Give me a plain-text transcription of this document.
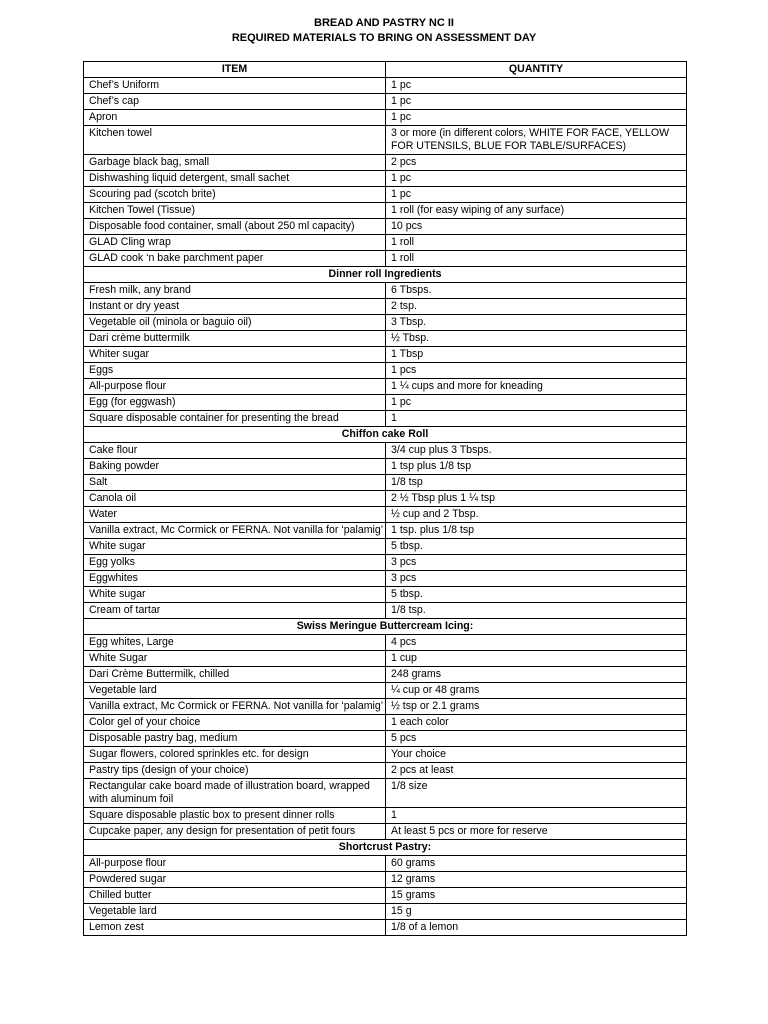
BREAD AND PASTRY NC II
REQUIRED MATERIALS TO BRING ON ASSESSMENT DAY
ITEM	QUANTITY
Chef’s Uniform	1 pc
Chef’s cap	1 pc
Apron	1 pc
Kitchen towel	3 or more (in different colors, WHITE FOR FACE, YELLOW FOR UTENSILS, BLUE FOR TABLE/SURFACES)
Garbage black bag, small	2 pcs
Dishwashing liquid detergent, small sachet	1 pc
Scouring pad (scotch brite)	1 pc
Kitchen Towel (Tissue)	1 roll (for easy wiping of any surface)
Disposable food container, small (about 250 ml capacity)	10 pcs
GLAD Cling wrap	1 roll
GLAD cook ‘n bake parchment paper	1 roll
Dinner roll Ingredients	
Fresh milk, any brand	6 Tbsps.
Instant or dry yeast	2 tsp.
Vegetable oil (minola or baguio oil)	3 Tbsp.
Dari crème buttermilk	½ Tbsp.
Whiter sugar	1 Tbsp
Eggs	1 pcs
All-purpose flour	1 ¼ cups and more for kneading
Egg (for eggwash)	1 pc
Square disposable container for presenting the bread	1
Chiffon cake Roll	
Cake flour	3/4 cup plus 3 Tbsps.
Baking powder	1 tsp plus 1/8 tsp
Salt	1/8 tsp
Canola oil	2 ½ Tbsp plus 1 ¼ tsp
Water	½ cup and 2 Tbsp.
Vanilla extract, Mc Cormick or FERNA. Not vanilla for ‘palamig’	1 tsp. plus 1/8 tsp
White sugar	5 tbsp.
Egg yolks	3 pcs
Eggwhites	3 pcs
White sugar	5 tbsp.
Cream of tartar	1/8 tsp.
Swiss Meringue Buttercream Icing:	
Egg whites, Large	4 pcs
White Sugar	1 cup
Dari Crème Buttermilk, chilled	248 grams
Vegetable lard	¼ cup or 48 grams
Vanilla extract, Mc Cormick or FERNA. Not vanilla for ‘palamig’	½ tsp or 2.1 grams
Color gel of your choice	1 each color
Disposable pastry bag, medium	5 pcs
Sugar flowers, colored sprinkles etc. for design	Your choice
Pastry tips (design of your choice)	2 pcs at least
Rectangular cake board made of illustration board, wrapped with aluminum foil	1/8 size
Square disposable plastic box to present dinner rolls	1
Cupcake paper, any design for presentation of petit fours	At least 5 pcs or more for reserve
Shortcrust Pastry:	
All-purpose flour	60 grams
Powdered sugar	12 grams
Chilled butter	15 grams
Vegetable lard	15 g
Lemon zest	1/8 of a lemon
